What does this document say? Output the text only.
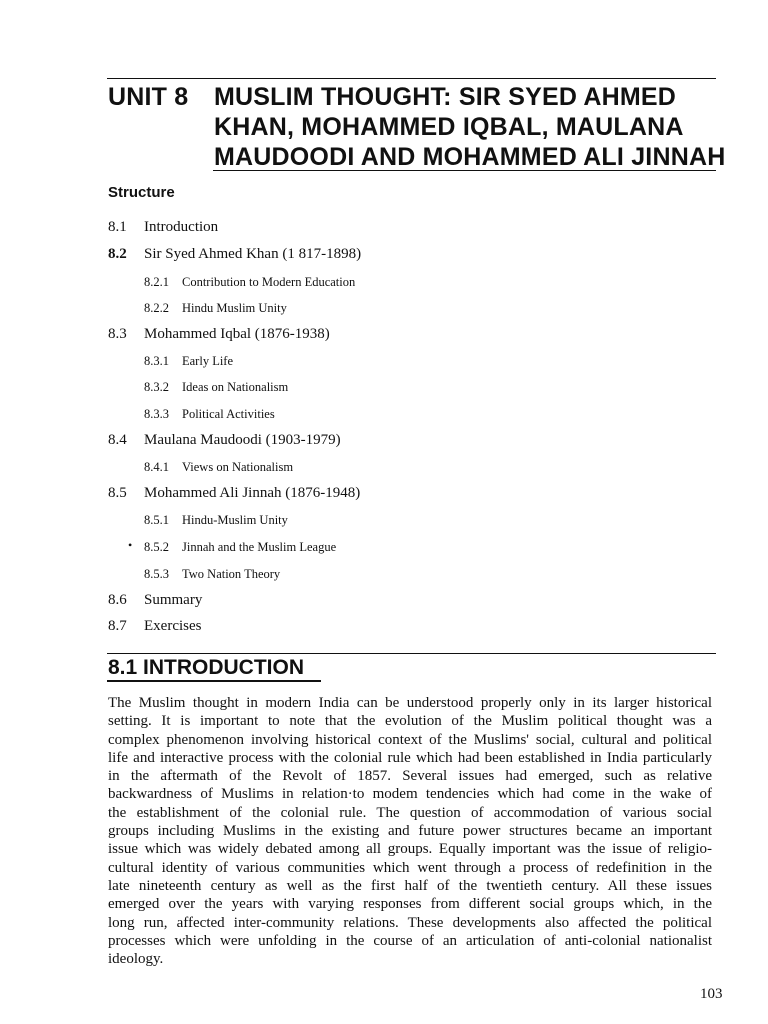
UNIT 8 MUSLIM THOUGHT: SIR SYED AHMED
KHAN, MOHAMMED IQBAL, MAULANA
MAUDOODI AND MOHAMMED ALI JINNAH
Structure
8.1 Introduction
8.2 Sir Syed Ahmed Khan (1 817-1898)
8.2.1 Contribution to Modern Education
8.2.2 Hindu Muslim Unity
8.3 Mohammed Iqbal (1876-1938)
8.3.1 Early Life
8.3.2 Ideas on Nationalism
8.3.3 Political Activities
8.4 Maulana Maudoodi (1903-1979)
8.4.1 Views on Nationalism
8.5 Mohammed Ali Jinnah (1876-1948)
8.5.1 Hindu-Muslim Unity
• 8.5.2 Jinnah and the Muslim League
8.5.3 Two Nation Theory
8.6 Summary
8.7 Exercises
8.1 INTRODUCTION
The Muslim thought in modern India can be understood properly only in its larger historical
setting. It is important to note that the evolution of the Muslim political thought was a
complex phenomenon involving historical context of the Muslims' social, cultural and political
life and interactive process with the colonial rule which had been established in India particularly
in the aftermath of the Revolt of 1857. Several issues had emerged, such as relative
backwardness of Muslims in relation·to modem tendencies which had come in the wake of
the establishment of the colonial rule. The question of accommodation of various social
groups including Muslims in the existing and future power structures became an important
issue which was widely debated among all groups. Equally important was the issue of religio-
cultural identity of various communities which went through a process of redefinition in the
late nineteenth century as well as the first half of the twentieth century. All these issues
emerged over the years with varying responses from different social groups which, in the
long run, affected inter-community relations. These developments also affected the political
processes which were unfolding in the course of an articulation of anti-colonial nationalist
ideology.
103
